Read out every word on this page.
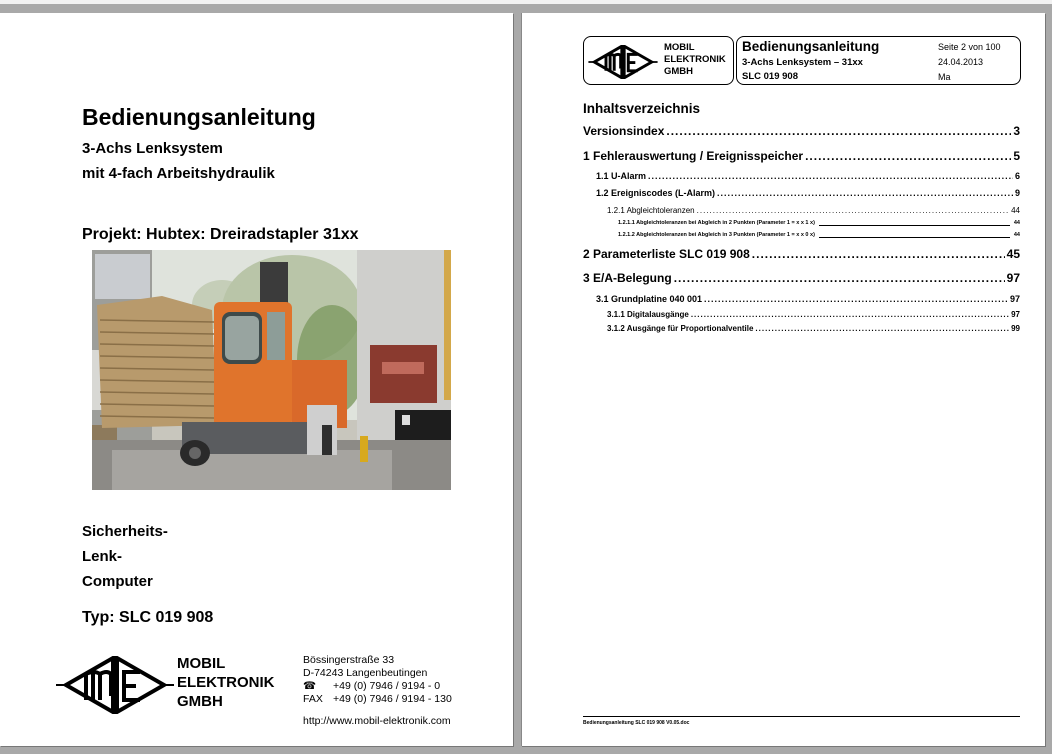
Bedienungsanleitung
3-Achs Lenksystem
mit 4-fach Arbeitshydraulik
Projekt: Hubtex: Dreiradstapler 31xx
Sicherheits-
Lenk-
Computer
Typ: SLC 019 908
MOBIL
ELEKTRONIK
GMBH
Bössingerstraße 33
D-74243 Langenbeutingen
☎	+49 (0) 7946 / 9194 - 0
FAX +49 (0) 7946 / 9194 - 130
http://www.mobil-elektronik.com
MOBIL
ELEKTRONIK
GMBH
Bedienungsanleitung
3-Achs Lenksystem – 31xx
SLC 019 908
Seite 2 von 100
24.04.2013
Ma
Inhaltsverzeichnis
Versionsindex .....	3
1 Fehlerauswertung / Ereignisspeicher .....	5
1.1 U-Alarm .....	6
1.2 Ereigniscodes (L-Alarm) .....	9
1.2.1 Abgleichtoleranzen .....	44
1.2.1.1 Abgleichtoleranzen bei Abgleich in 2 Punkten (Parameter 1 = x x 1 x)	44
1.2.1.2 Abgleichtoleranzen bei Abgleich in 3 Punkten (Parameter 1 = x x 0 x)	44
2 Parameterliste SLC 019 908 .....	45
3 E/A-Belegung .....	97
3.1 Grundplatine 040 001 .....	97
3.1.1 Digitalausgänge .....	97
3.1.2 Ausgänge für Proportionalventile .....	99
Bedienungsanleitung SLC 019 908 V0.05.doc
